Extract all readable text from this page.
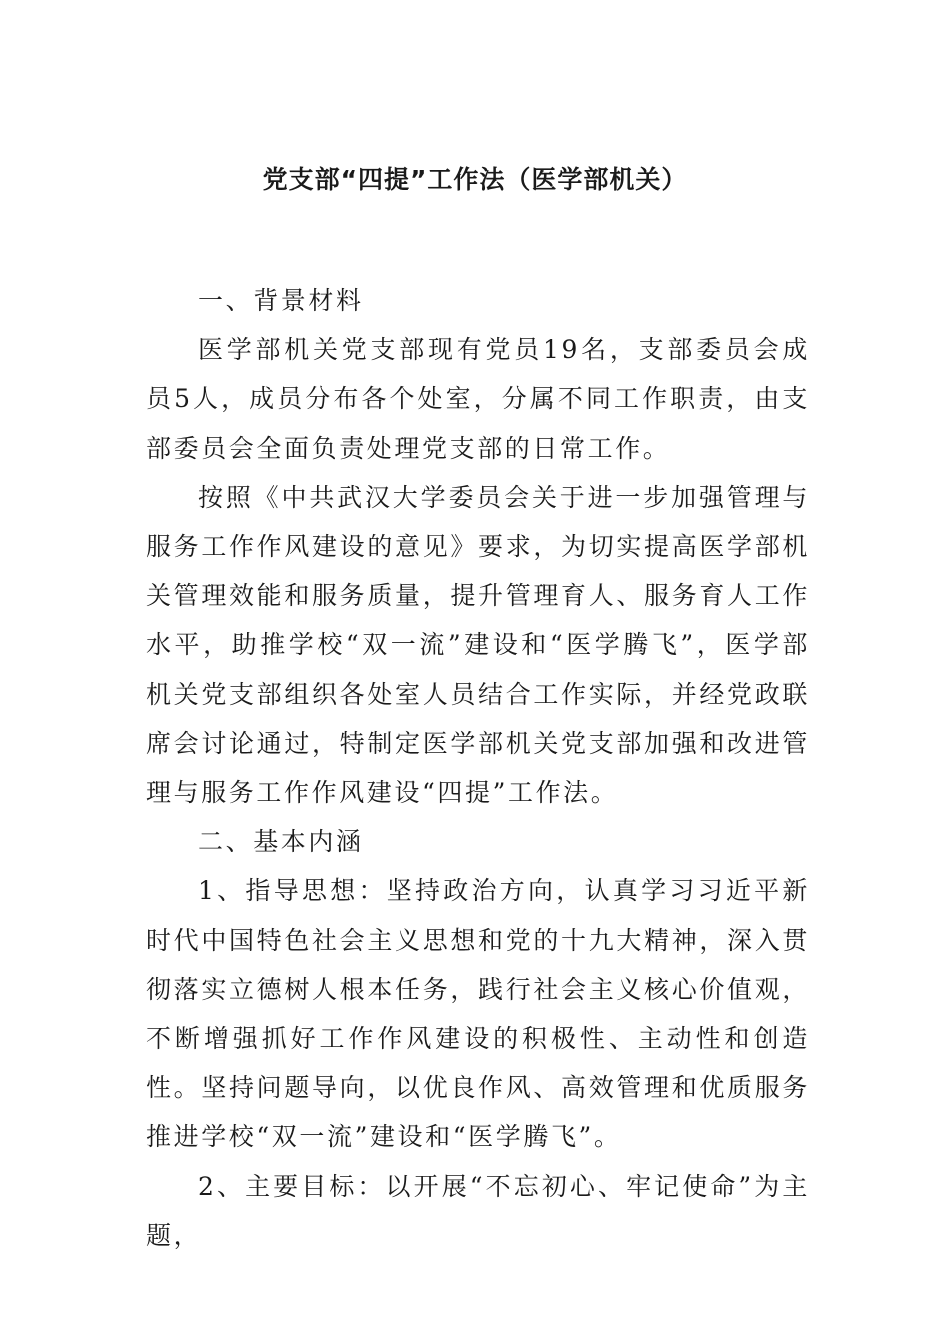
党支部“四提”工作法（医学部机关）

一、背景材料

医学部机关党支部现有党员19名，支部委员会成员5人，成员分布各个处室，分属不同工作职责，由支部委员会全面负责处理党支部的日常工作。

按照《中共武汉大学委员会关于进一步加强管理与服务工作作风建设的意见》要求，为切实提高医学部机关管理效能和服务质量，提升管理育人、服务育人工作水平，助推学校“双一流”建设和“医学腾飞”，医学部机关党支部组织各处室人员结合工作实际，并经党政联席会讨论通过，特制定医学部机关党支部加强和改进管理与服务工作作风建设“四提”工作法。

二、基本内涵

1、指导思想：坚持政治方向，认真学习习近平新时代中国特色社会主义思想和党的十九大精神，深入贯彻落实立德树人根本任务，践行社会主义核心价值观，不断增强抓好工作作风建设的积极性、主动性和创造性。坚持问题导向，以优良作风、高效管理和优质服务推进学校“双一流”建设和“医学腾飞”。

2、主要目标：以开展“不忘初心、牢记使命”为主题，
